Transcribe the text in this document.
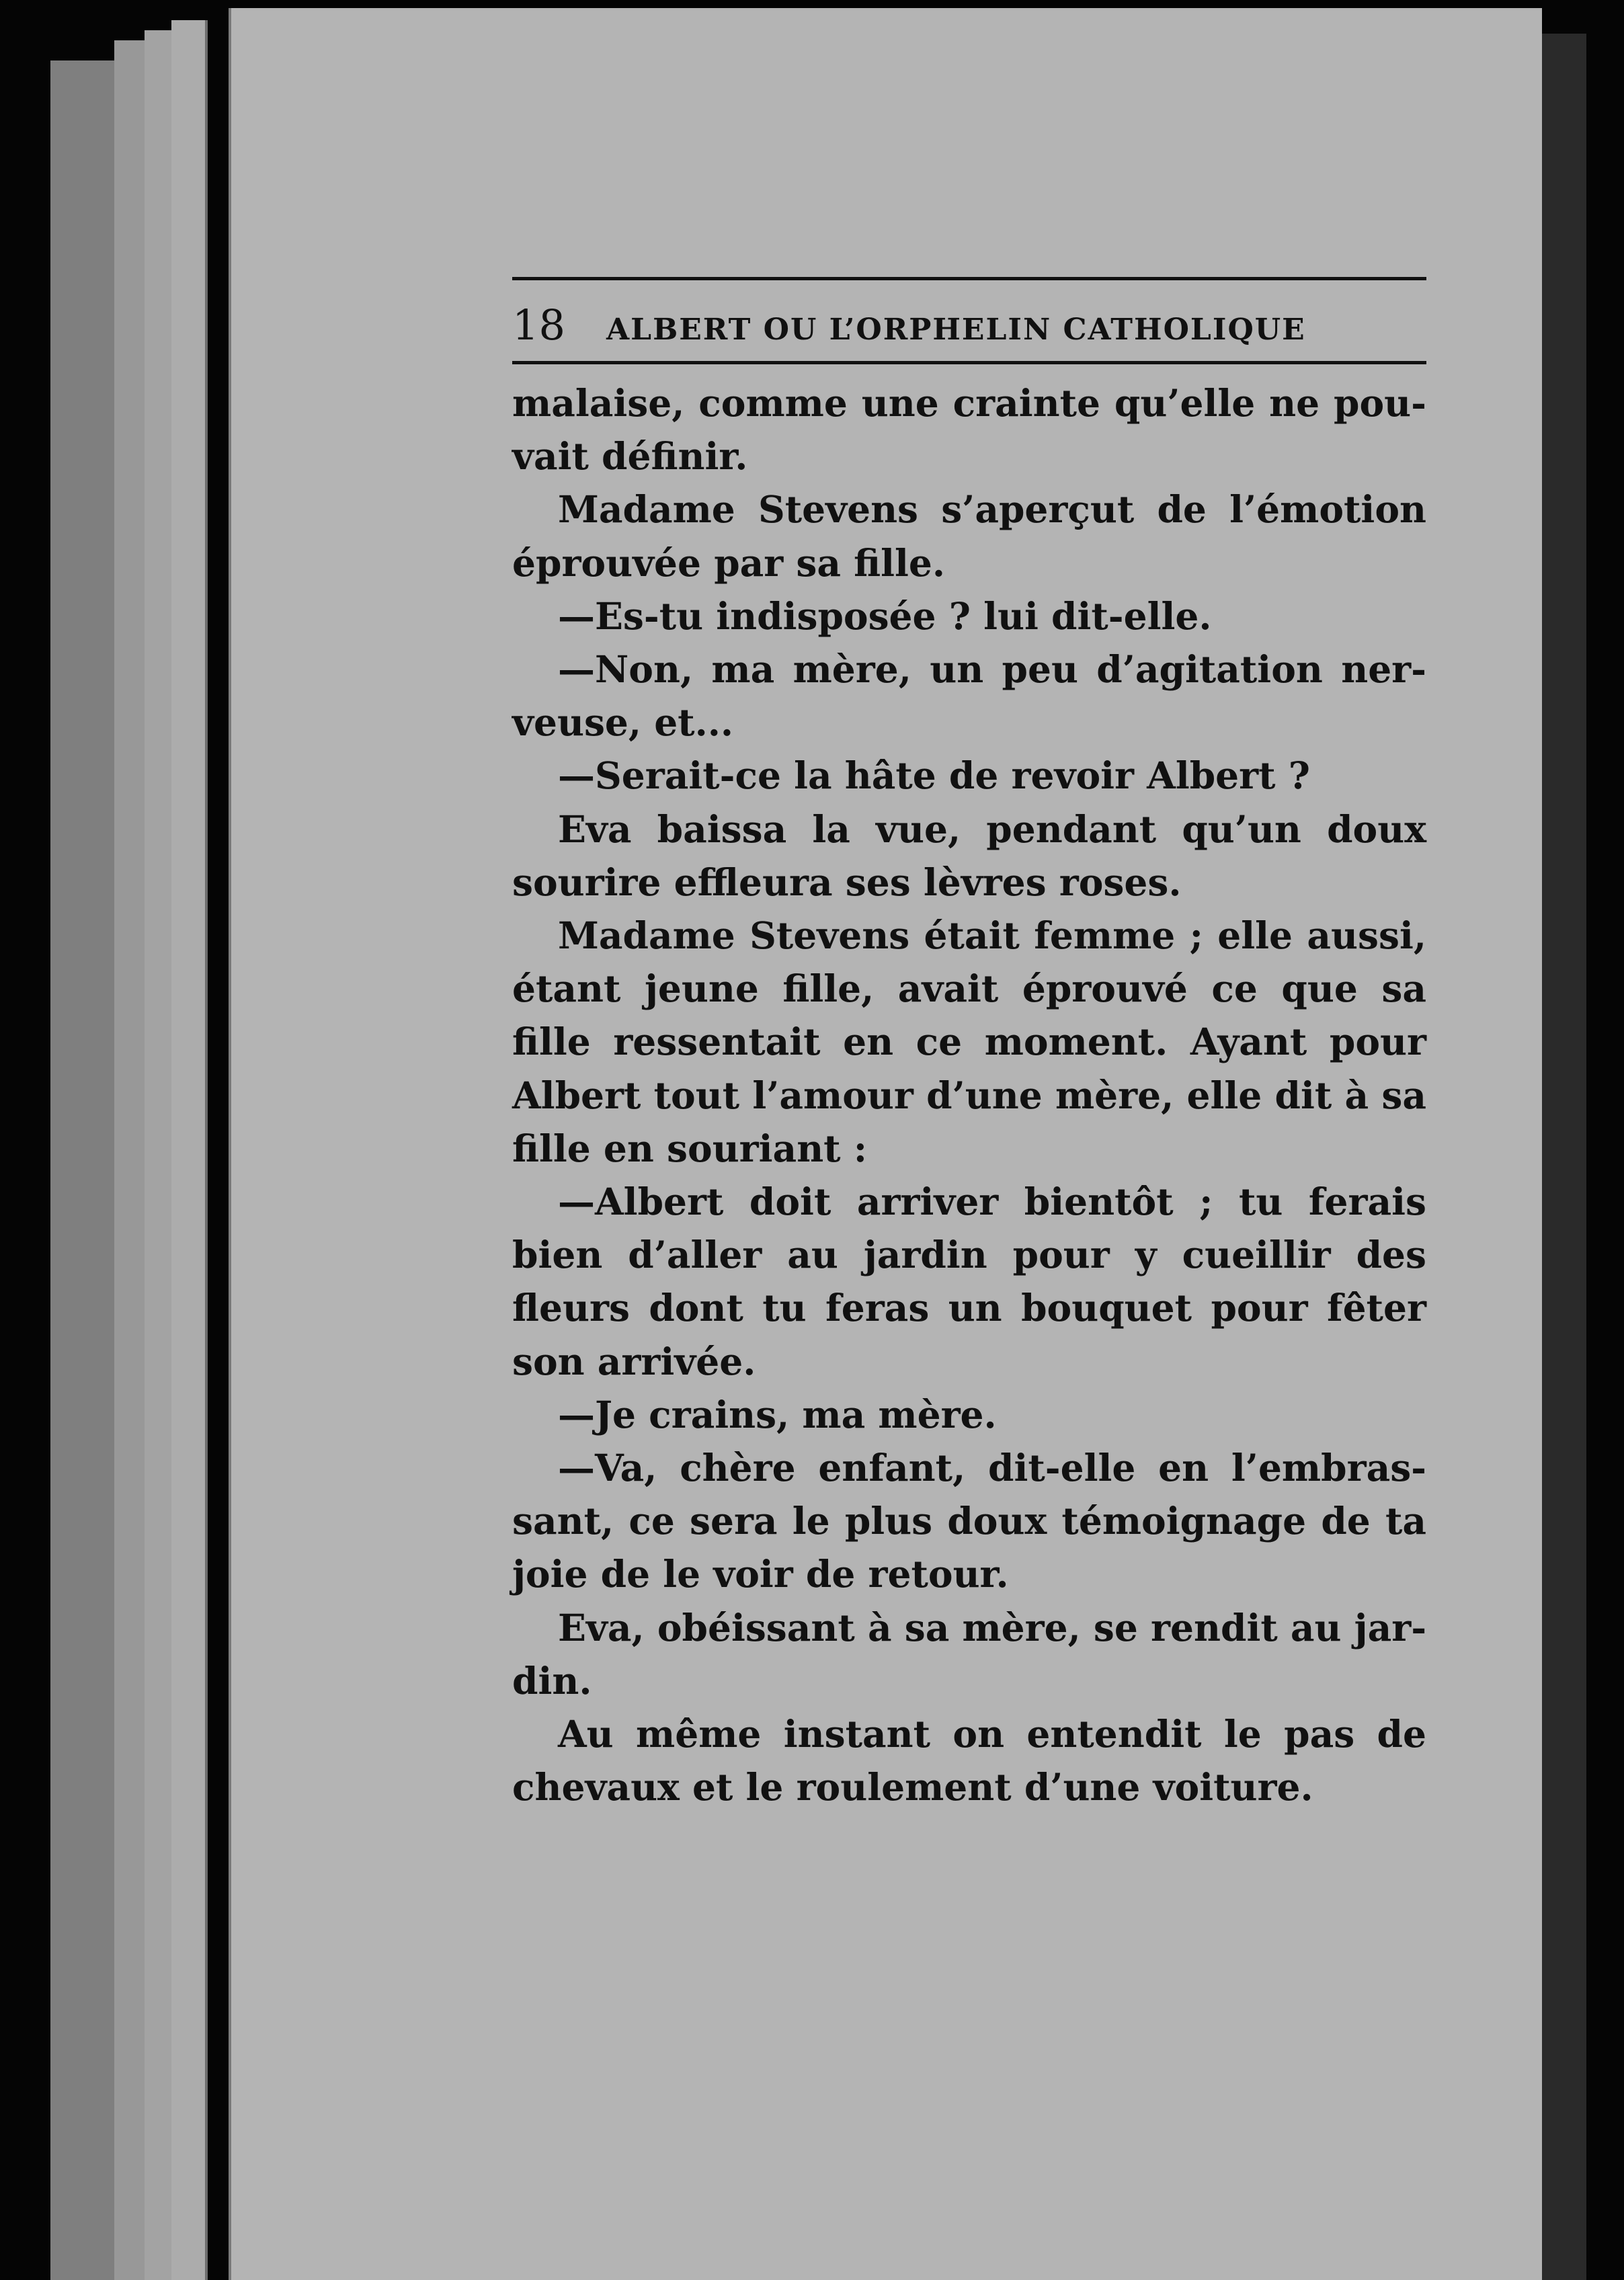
18	ALBERT OU L’ORPHELIN CATHOLIQUE
malaise, comme une crainte qu’elle ne pou-
vait définir.
Madame Stevens s’aperçut de l’émotion
éprouvée par sa fille.
—Es-tu indisposée ? lui dit-elle.
—Non, ma mère, un peu d’agitation ner-
veuse, et...
—Serait-ce la hâte de revoir Albert ?
Eva baissa la vue, pendant qu’un doux
sourire effleura ses lèvres roses.
Madame Stevens était femme ; elle aussi,
étant jeune fille, avait éprouvé ce que sa
fille ressentait en ce moment. Ayant pour
Albert tout l’amour d’une mère, elle dit à sa
fille en souriant :
—Albert doit arriver bientôt ; tu ferais
bien d’aller au jardin pour y cueillir des
fleurs dont tu feras un bouquet pour fêter
son arrivée.
—Je crains, ma mère.
—Va, chère enfant, dit-elle en l’embras-
sant, ce sera le plus doux témoignage de ta
joie de le voir de retour.
Eva, obéissant à sa mère, se rendit au jar-
din.
Au même instant on entendit le pas de
chevaux et le roulement d’une voiture.
